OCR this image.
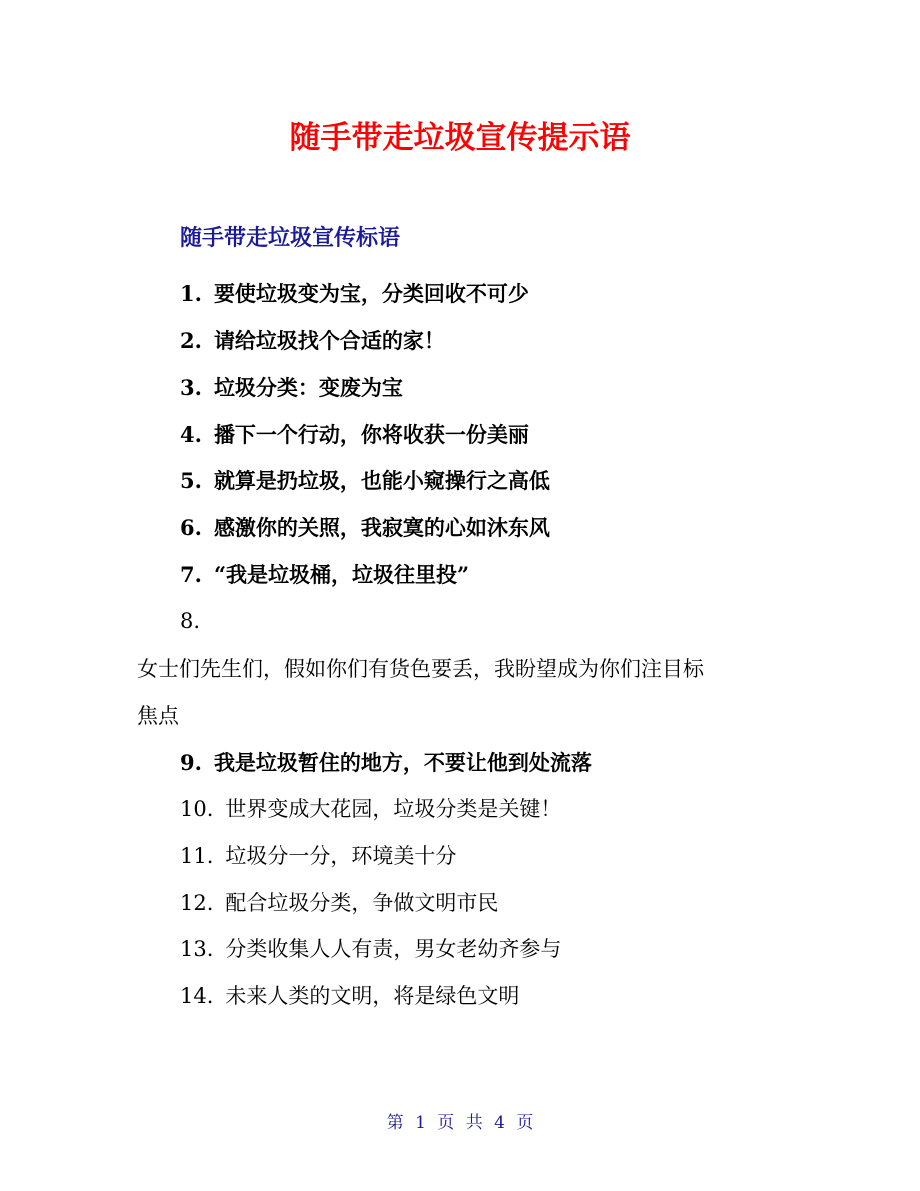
随手带走垃圾宣传提示语
随手带走垃圾宣传标语
1. 要使垃圾变为宝，分类回收不可少
2. 请给垃圾找个合适的家！
3. 垃圾分类：变废为宝
4. 播下一个行动，你将收获一份美丽
5. 就算是扔垃圾，也能小窥操行之高低
6. 感激你的关照，我寂寞的心如沐东风
7. “我是垃圾桶，垃圾往里投”
8.
女士们先生们，假如你们有货色要丢，我盼望成为你们注目标
焦点
9. 我是垃圾暂住的地方，不要让他到处流落
10. 世界变成大花园，垃圾分类是关键！
11. 垃圾分一分，环境美十分
12. 配合垃圾分类，争做文明市民
13. 分类收集人人有责，男女老幼齐参与
14. 未来人类的文明，将是绿色文明
第 1 页 共 4 页
